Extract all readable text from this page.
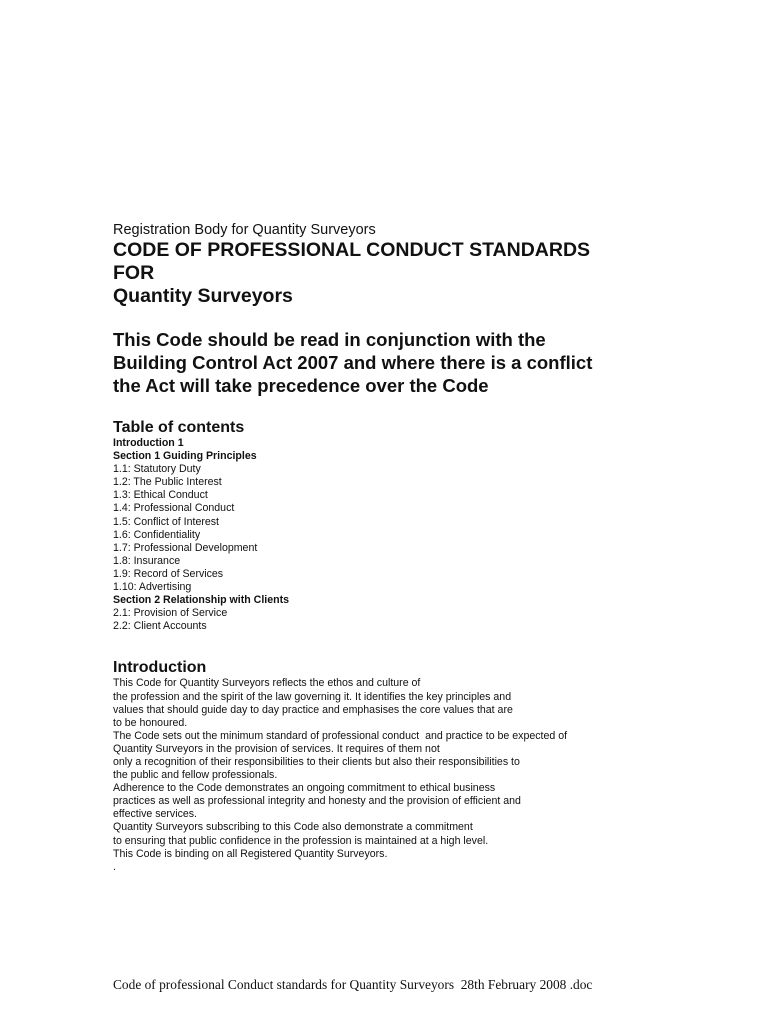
Registration Body for Quantity Surveyors

CODE OF PROFESSIONAL CONDUCT STANDARDS
FOR
Quantity Surveyors

This Code should be read in conjunction with the
Building Control Act 2007 and where there is a conflict
the Act will take precedence over the Code

Table of contents
Introduction 1
Section 1 Guiding Principles
1.1: Statutory Duty
1.2: The Public Interest
1.3: Ethical Conduct
1.4: Professional Conduct
1.5: Conflict of Interest
1.6: Confidentiality
1.7: Professional Development
1.8: Insurance
1.9: Record of Services
1.10: Advertising
Section 2 Relationship with Clients
2.1: Provision of Service
2.2: Client Accounts
Introduction
This Code for Quantity Surveyors reflects the ethos and culture of
the profession and the spirit of the law governing it. It identifies the key principles and
values that should guide day to day practice and emphasises the core values that are
to be honoured.
The Code sets out the minimum standard of professional conduct  and practice to be expected of
Quantity Surveyors in the provision of services. It requires of them not
only a recognition of their responsibilities to their clients but also their responsibilities to
the public and fellow professionals.
Adherence to the Code demonstrates an ongoing commitment to ethical business
practices as well as professional integrity and honesty and the provision of efficient and
effective services.
Quantity Surveyors subscribing to this Code also demonstrate a commitment
to ensuring that public confidence in the profession is maintained at a high level.
This Code is binding on all Registered Quantity Surveyors.
.
Code of professional Conduct standards for Quantity Surveyors  28th February 2008 .doc
